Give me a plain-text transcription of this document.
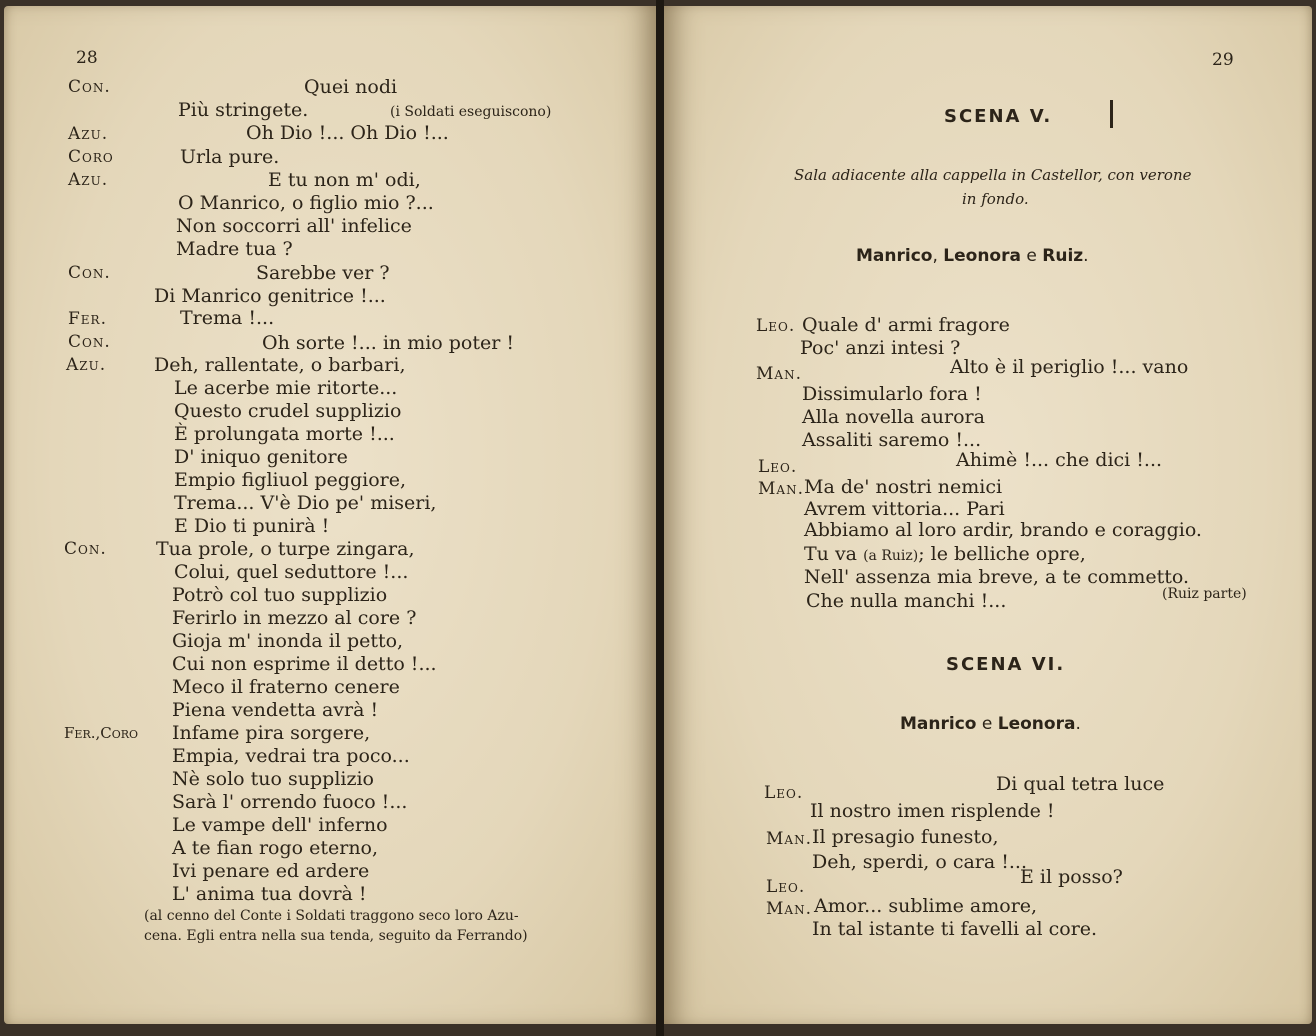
28
Con.	Quei nodi
Più stringete.	(i Soldati eseguiscono)
Azu.	Oh Dio !... Oh Dio !...
Coro	Urla pure.
Azu.	E tu non m' odi,
O Manrico, o figlio mio ?...
Non soccorri all' infelice
Madre tua ?
Con.	Sarebbe ver ?
Di Manrico genitrice !...
Fer.	Trema !...
Con.	Oh sorte !... in mio poter !
Azu.	Deh, rallentate, o barbari,
Le acerbe mie ritorte...
Questo crudel supplizio
È prolungata morte !...
D' iniquo genitore
Empio figliuol peggiore,
Trema... V'è Dio pe' miseri,
E Dio ti punirà !
Con.	Tua prole, o turpe zingara,
Colui, quel seduttore !...
Potrò col tuo supplizio
Ferirlo in mezzo al core ?
Gioja m' inonda il petto,
Cui non esprime il detto !...
Meco il fraterno cenere
Piena vendetta avrà !
Fer.,Coro Infame pira sorgere,
Empia, vedrai tra poco...
Nè solo tuo supplizio
Sarà l' orrendo fuoco !...
Le vampe dell' inferno
A te fian rogo eterno,
Ivi penare ed ardere
L' anima tua dovrà !
(al cenno del Conte i Soldati traggono seco loro Azu-
cena. Egli entra nella sua tenda, seguito da Ferrando)
29
SCENA V.
Sala adiacente alla cappella in Castellor, con verone
in fondo.
Manrico, Leonora e Ruiz.
Leo. Quale d' armi fragore
Poc' anzi intesi ?
Man.	Alto è il periglio !... vano
Dissimularlo fora !
Alla novella aurora
Assaliti saremo !...
Leo.	Ahimè !... che dici !...
Man. Ma de' nostri nemici
Avrem vittoria... Pari
Abbiamo al loro ardir, brando e coraggio.
Tu va (a Ruiz); le belliche opre,
Nell' assenza mia breve, a te commetto.
Che nulla manchi !...	(Ruiz parte)
SCENA VI.
Manrico e Leonora.
Leo.	Di qual tetra luce
Il nostro imen risplende !
Man. Il presagio funesto,
Deh, sperdi, o cara !...
Leo.	E il posso?
Man. Amor... sublime amore,
In tal istante ti favelli al core.
